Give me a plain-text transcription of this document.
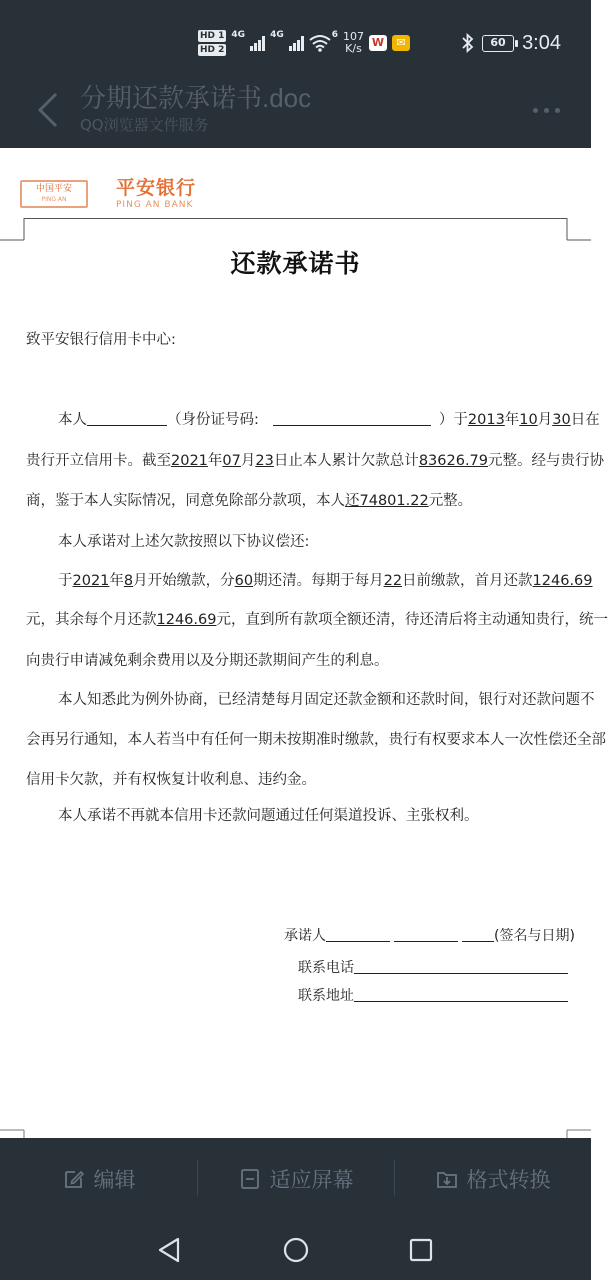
HD 1
HD 2
4G	4G	6 107
K/s W	✉	60 3:04
分期还款承诺书.doc
QQ浏览器文件服务
中国平安
PING AN
平安银行
PING AN BANK
还款承诺书
致平安银行信用卡中心:
本人	（身份证号码:	）于2013年10月30日在
贵行开立信用卡。截至2021年07月23日止本人累计欠款总计83626.79元整。经与贵行协
商，鉴于本人实际情况，同意免除部分款项，本人还74801.22元整。
本人承诺对上述欠款按照以下协议偿还:
于2021年8月开始缴款，分60期还清。每期于每月22日前缴款，首月还款1246.69
元，其余每个月还款1246.69元，直到所有款项全额还清，待还清后将主动通知贵行，统一
向贵行申请减免剩余费用以及分期还款期间产生的利息。
本人知悉此为例外协商，已经清楚每月固定还款金额和还款时间，银行对还款问题不
会再另行通知，本人若当中有任何一期未按期准时缴款，贵行有权要求本人一次性偿还全部
信用卡欠款，并有权恢复计收利息、违约金。
本人承诺不再就本信用卡还款问题通过任何渠道投诉、主张权利。
承诺人	(签名与日期)
联系电话
联系地址
编辑	适应屏幕	格式转换
